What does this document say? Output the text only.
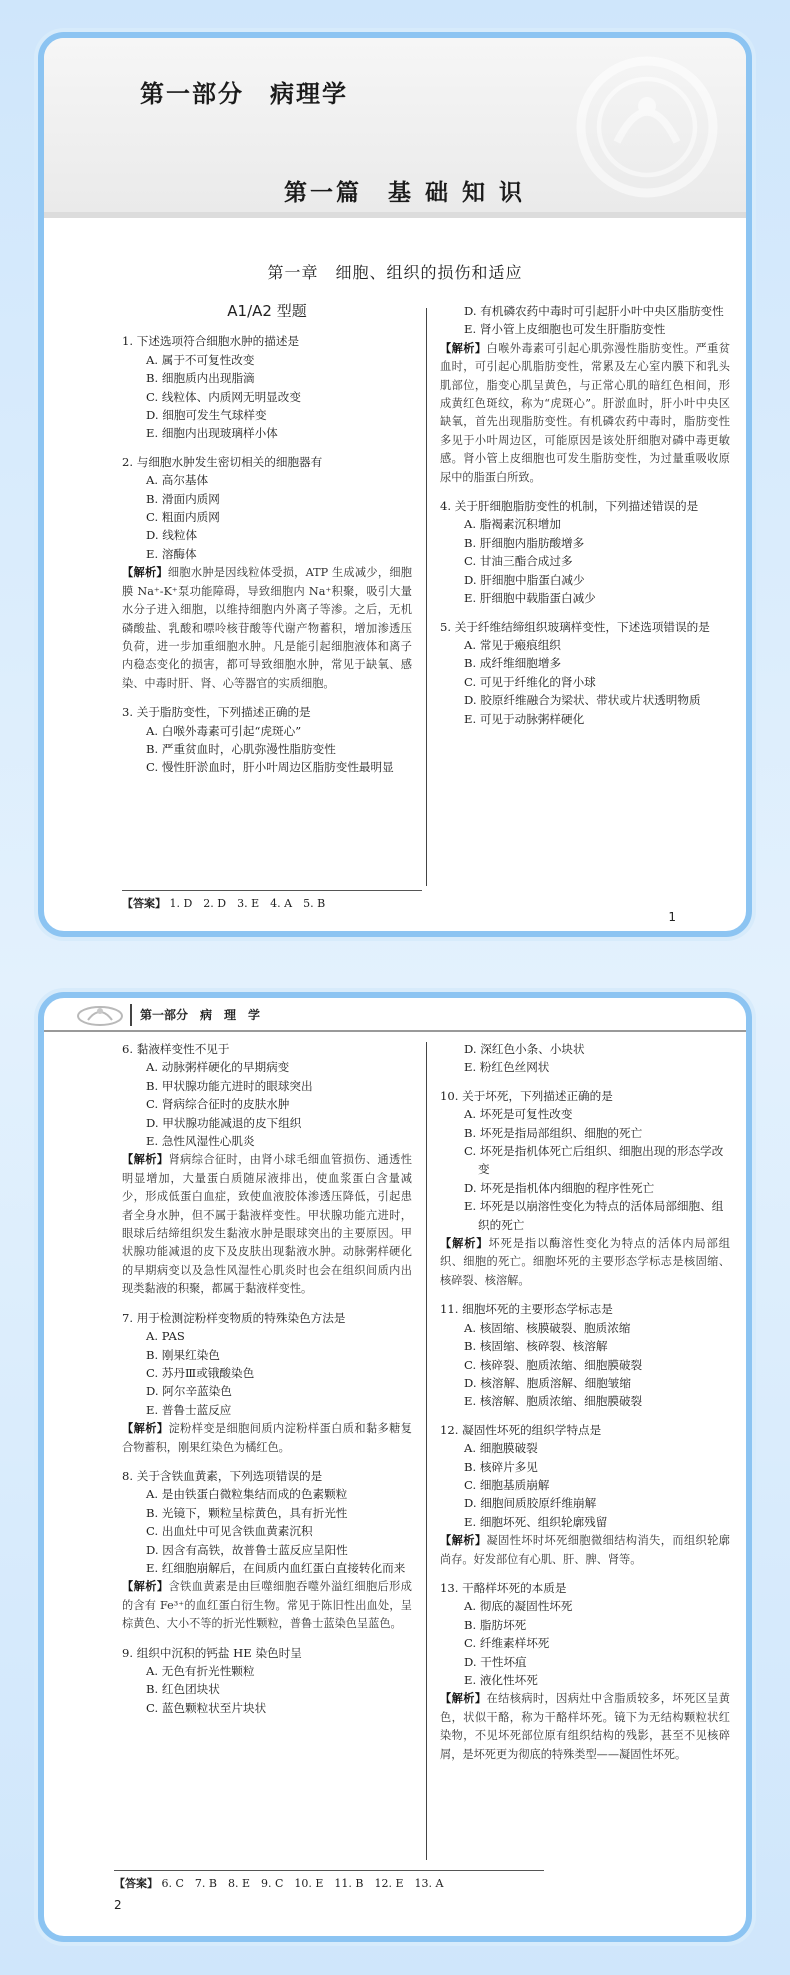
第一部分　病理学
第一篇　基 础 知 识
第一章　细胞、组织的损伤和适应
A1/A2 型题
1. 下述选项符合细胞水肿的描述是
A. 属于不可复性改变
B. 细胞质内出现脂滴
C. 线粒体、内质网无明显改变
D. 细胞可发生气球样变
E. 细胞内出现玻璃样小体
2. 与细胞水肿发生密切相关的细胞器有
A. 高尔基体
B. 滑面内质网
C. 粗面内质网
D. 线粒体
E. 溶酶体
【解析】细胞水肿是因线粒体受损，ATP 生成减少，细胞膜 Na⁺-K⁺泵功能障碍，导致细胞内 Na⁺积聚，吸引大量水分子进入细胞，以维持细胞内外离子等渗。之后，无机磷酸盐、乳酸和嘌呤核苷酸等代谢产物蓄积，增加渗透压负荷，进一步加重细胞水肿。凡是能引起细胞液体和离子内稳态变化的损害，都可导致细胞水肿，常见于缺氧、感染、中毒时肝、肾、心等器官的实质细胞。
3. 关于脂肪变性，下列描述正确的是
A. 白喉外毒素可引起“虎斑心”
B. 严重贫血时，心肌弥漫性脂肪变性
C. 慢性肝淤血时，肝小叶周边区脂肪变性最明显
D. 有机磷农药中毒时可引起肝小叶中央区脂肪变性
E. 肾小管上皮细胞也可发生肝脂肪变性
【解析】白喉外毒素可引起心肌弥漫性脂肪变性。严重贫血时，可引起心肌脂肪变性，常累及左心室内膜下和乳头肌部位，脂变心肌呈黄色，与正常心肌的暗红色相间，形成黄红色斑纹，称为“虎斑心”。肝淤血时，肝小叶中央区缺氧，首先出现脂肪变性。有机磷农药中毒时，脂肪变性多见于小叶周边区，可能原因是该处肝细胞对磷中毒更敏感。肾小管上皮细胞也可发生脂肪变性，为过量重吸收原尿中的脂蛋白所致。
4. 关于肝细胞脂肪变性的机制，下列描述错误的是
A. 脂褐素沉积增加
B. 肝细胞内脂肪酸增多
C. 甘油三酯合成过多
D. 肝细胞中脂蛋白减少
E. 肝细胞中载脂蛋白减少
5. 关于纤维结缔组织玻璃样变性，下述选项错误的是
A. 常见于瘢痕组织
B. 成纤维细胞增多
C. 可见于纤维化的肾小球
D. 胶原纤维融合为梁状、带状或片状透明物质
E. 可见于动脉粥样硬化
【答案】 1. D　2. D　3. E　4. A　5. B
1
第一部分　病　理　学
6. 黏液样变性不见于
A. 动脉粥样硬化的早期病变
B. 甲状腺功能亢进时的眼球突出
C. 肾病综合征时的皮肤水肿
D. 甲状腺功能减退的皮下组织
E. 急性风湿性心肌炎
【解析】肾病综合征时，由肾小球毛细血管损伤、通透性明显增加，大量蛋白质随尿液排出，使血浆蛋白含量减少，形成低蛋白血症，致使血液胶体渗透压降低，引起患者全身水肿，但不属于黏液样变性。甲状腺功能亢进时，眼球后结缔组织发生黏液水肿是眼球突出的主要原因。甲状腺功能减退的皮下及皮肤出现黏液水肿。动脉粥样硬化的早期病变以及急性风湿性心肌炎时也会在组织间质内出现类黏液的积聚，都属于黏液样变性。
7. 用于检测淀粉样变物质的特殊染色方法是
A. PAS
B. 刚果红染色
C. 苏丹Ⅲ或锇酸染色
D. 阿尔辛蓝染色
E. 普鲁士蓝反应
【解析】淀粉样变是细胞间质内淀粉样蛋白质和黏多糖复合物蓄积，刚果红染色为橘红色。
8. 关于含铁血黄素，下列选项错误的是
A. 是由铁蛋白微粒集结而成的色素颗粒
B. 光镜下，颗粒呈棕黄色，具有折光性
C. 出血灶中可见含铁血黄素沉积
D. 因含有高铁，故普鲁士蓝反应呈阳性
E. 红细胞崩解后，在间质内血红蛋白直接转化而来
【解析】含铁血黄素是由巨噬细胞吞噬外溢红细胞后形成的含有 Fe³⁺的血红蛋白衍生物。常见于陈旧性出血处，呈棕黄色、大小不等的折光性颗粒，普鲁士蓝染色呈蓝色。
9. 组织中沉积的钙盐 HE 染色时呈
A. 无色有折光性颗粒
B. 红色团块状
C. 蓝色颗粒状至片块状
D. 深红色小条、小块状
E. 粉红色丝网状
10. 关于坏死，下列描述正确的是
A. 坏死是可复性改变
B. 坏死是指局部组织、细胞的死亡
C. 坏死是指机体死亡后组织、细胞出现的形态学改变
D. 坏死是指机体内细胞的程序性死亡
E. 坏死是以崩溶性变化为特点的活体局部细胞、组织的死亡
【解析】坏死是指以酶溶性变化为特点的活体内局部组织、细胞的死亡。细胞坏死的主要形态学标志是核固缩、核碎裂、核溶解。
11. 细胞坏死的主要形态学标志是
A. 核固缩、核膜破裂、胞质浓缩
B. 核固缩、核碎裂、核溶解
C. 核碎裂、胞质浓缩、细胞膜破裂
D. 核溶解、胞质溶解、细胞皱缩
E. 核溶解、胞质浓缩、细胞膜破裂
12. 凝固性坏死的组织学特点是
A. 细胞膜破裂
B. 核碎片多见
C. 细胞基质崩解
D. 细胞间质胶原纤维崩解
E. 细胞坏死、组织轮廓残留
【解析】凝固性坏时坏死细胞微细结构消失，而组织轮廓尚存。好发部位有心肌、肝、脾、肾等。
13. 干酪样坏死的本质是
A. 彻底的凝固性坏死
B. 脂肪坏死
C. 纤维素样坏死
D. 干性坏疽
E. 液化性坏死
【解析】在结核病时，因病灶中含脂质较多，坏死区呈黄色，状似干酪，称为干酪样坏死。镜下为无结构颗粒状红染物，不见坏死部位原有组织结构的残影，甚至不见核碎屑，是坏死更为彻底的特殊类型——凝固性坏死。
【答案】 6. C　7. B　8. E　9. C　10. E　11. B　12. E　13. A
2
